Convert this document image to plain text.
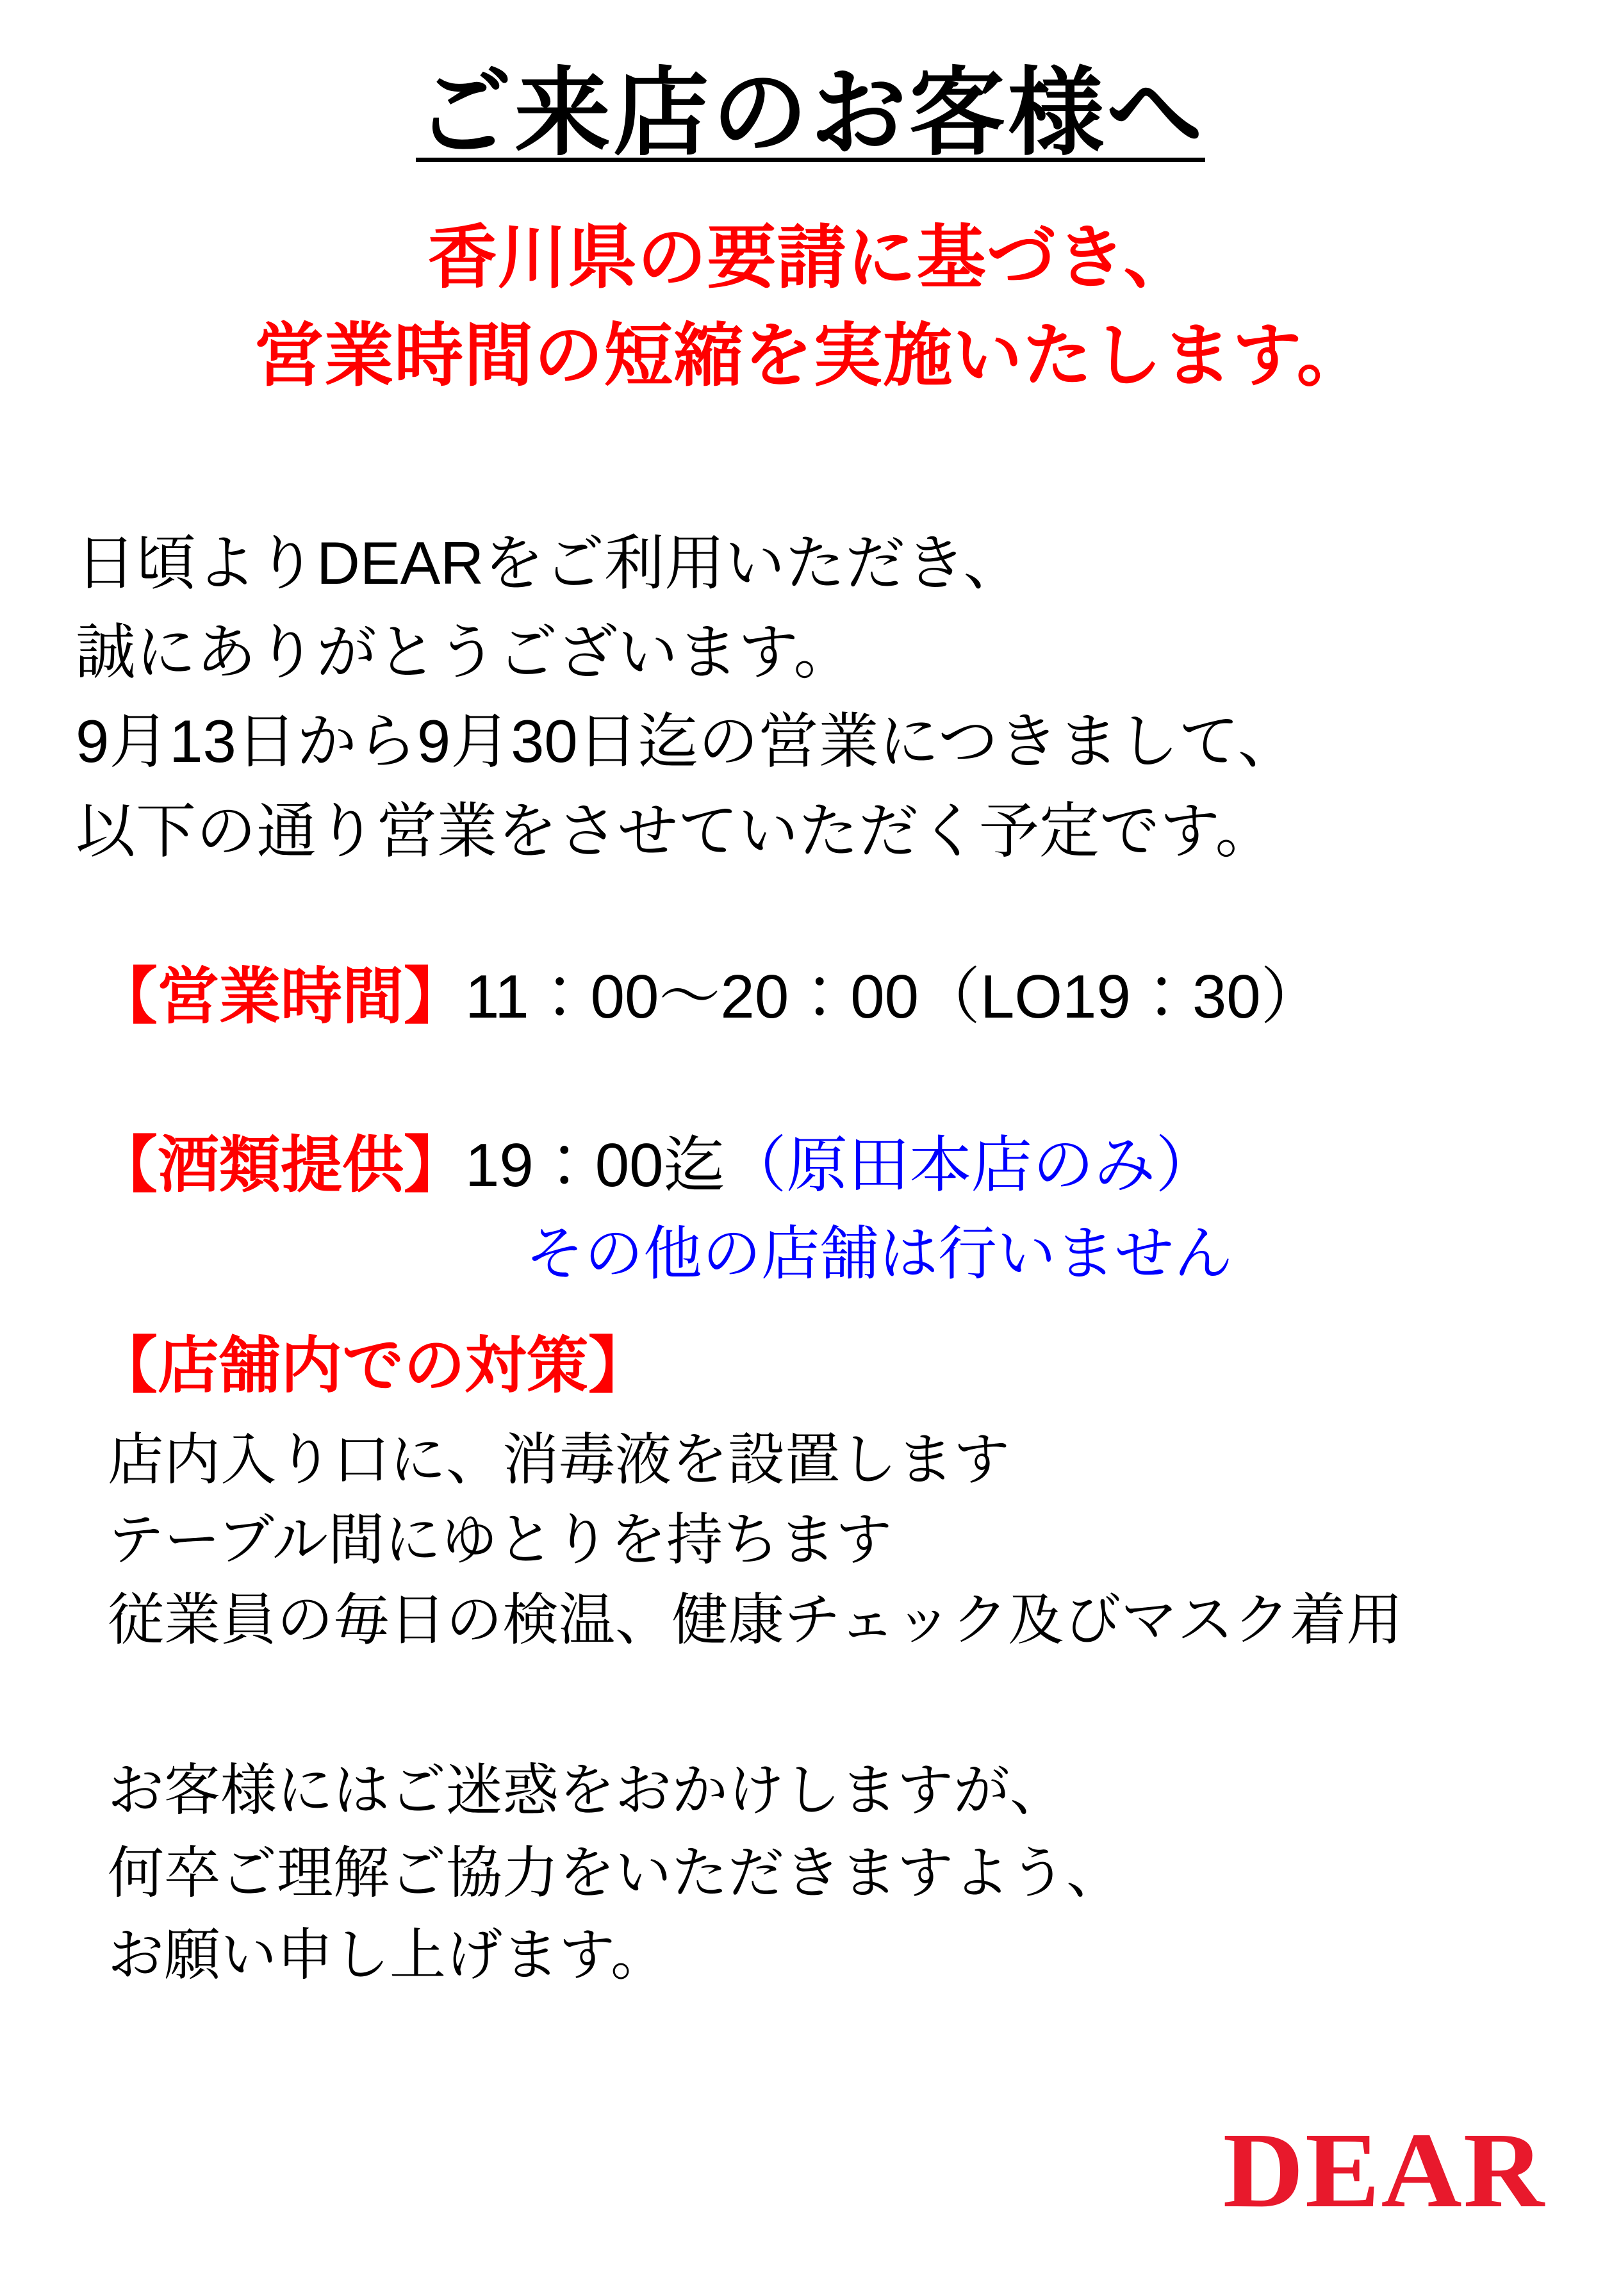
ご来店のお客様へ
香川県の要請に基づき、
営業時間の短縮を実施いたします。
日頃よりDEARをご利用いただき、
誠にありがとうございます。
9月13日から9月30日迄の営業につきまして、
以下の通り営業をさせていただく予定です。
【営業時間】11：00〜20：00（LO19：30）
【酒類提供】19：00迄（原田本店のみ）
その他の店舗は行いません
【店舗内での対策】
店内入り口に、消毒液を設置します
テーブル間にゆとりを持ちます
従業員の毎日の検温、健康チェック及びマスク着用
お客様にはご迷惑をおかけしますが、
何卒ご理解ご協力をいただきますよう、
お願い申し上げます。
DEAR
